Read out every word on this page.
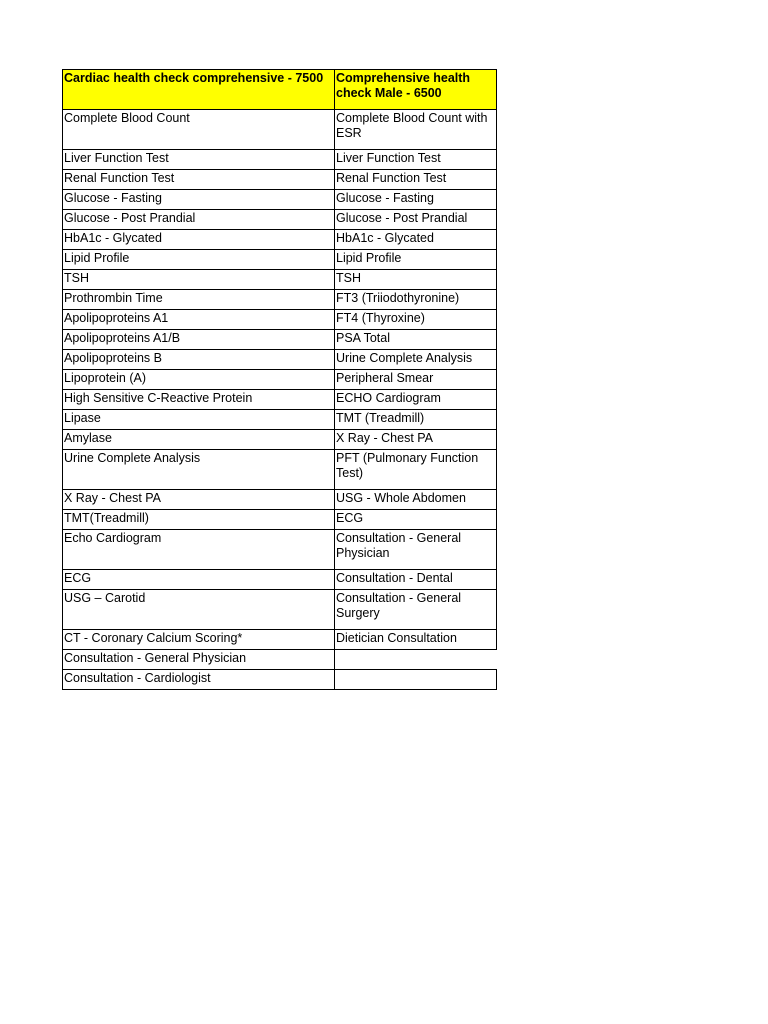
Cardiac health check comprehensive - 7500	Comprehensive health check Male - 6500
Complete Blood Count	Complete Blood Count with ESR
Liver Function Test	Liver Function Test
Renal Function Test	Renal Function Test
Glucose - Fasting	Glucose - Fasting
Glucose - Post Prandial	Glucose - Post Prandial
HbA1c - Glycated	HbA1c - Glycated
Lipid Profile	Lipid Profile
TSH	TSH
Prothrombin Time	FT3 (Triiodothyronine)
Apolipoproteins A1	FT4 (Thyroxine)
Apolipoproteins A1/B	PSA Total
Apolipoproteins B	Urine Complete Analysis
Lipoprotein (A)	Peripheral Smear
High Sensitive C-Reactive Protein	ECHO Cardiogram
Lipase	TMT (Treadmill)
Amylase	X Ray - Chest PA
Urine Complete Analysis	PFT (Pulmonary Function Test)
X Ray - Chest PA	USG - Whole Abdomen
TMT(Treadmill)	ECG
Echo Cardiogram	Consultation - General Physician
ECG	Consultation - Dental
USG – Carotid	Consultation - General Surgery
CT - Coronary Calcium Scoring*	Dietician Consultation
Consultation - General Physician	
Consultation - Cardiologist	
